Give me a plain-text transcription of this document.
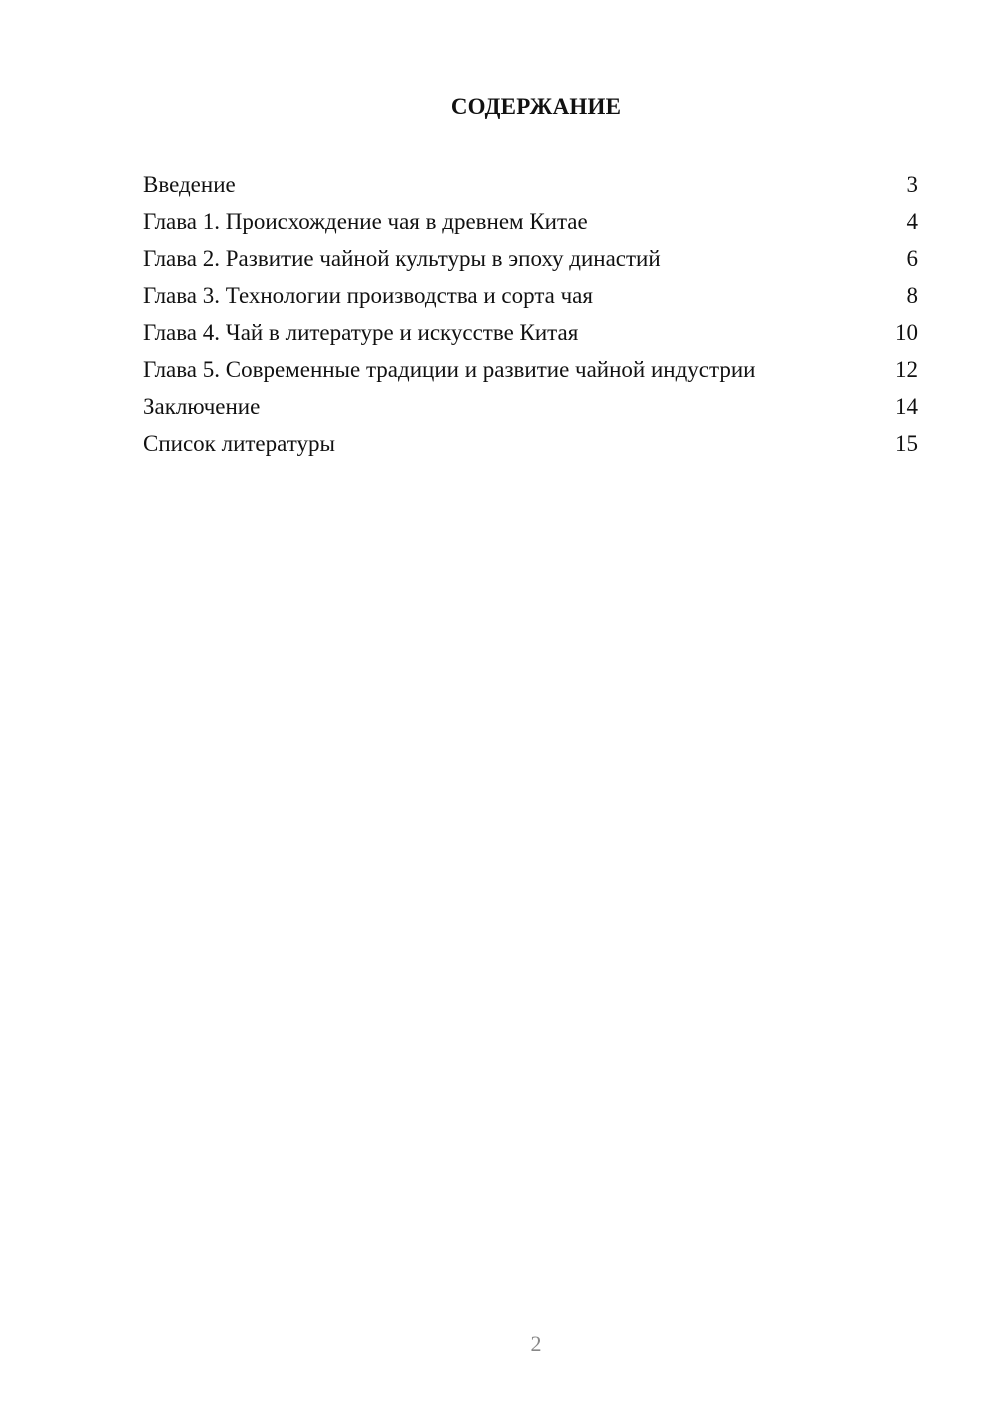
СОДЕРЖАНИЕ
Введение	3
Глава 1. Происхождение чая в древнем Китае	4
Глава 2. Развитие чайной культуры в эпоху династий	6
Глава 3. Технологии производства и сорта чая	8
Глава 4. Чай в литературе и искусстве Китая	10
Глава 5. Современные традиции и развитие чайной индустрии	12
Заключение	14
Список литературы	15
2
